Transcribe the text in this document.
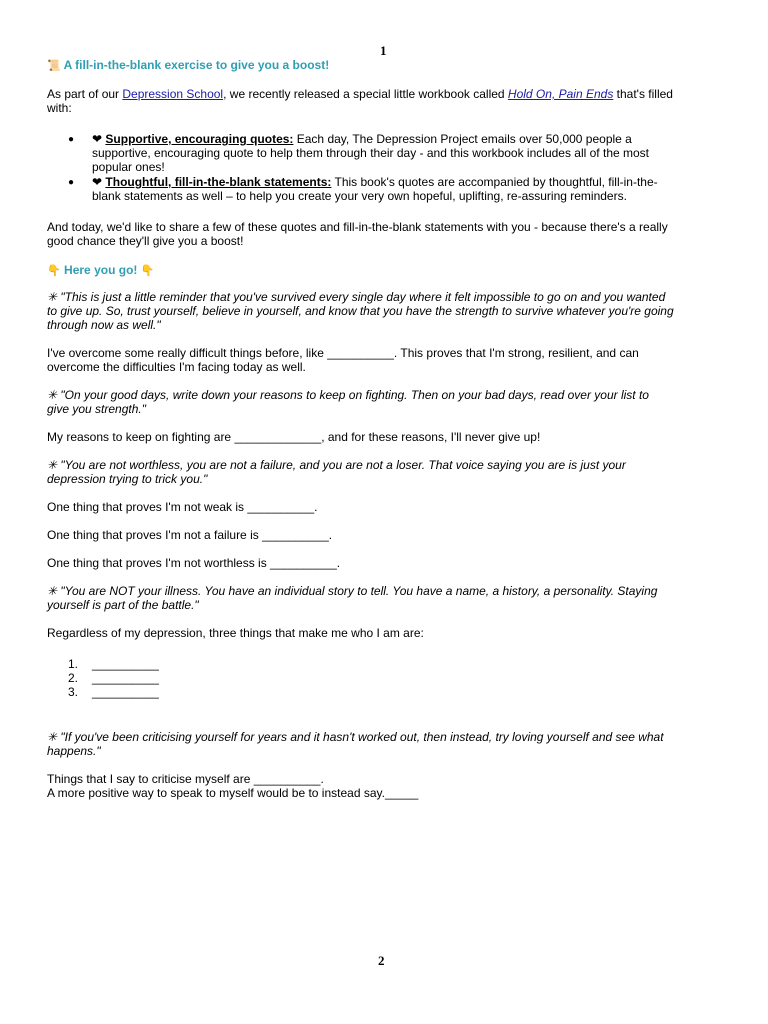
1
📜 A fill-in-the-blank exercise to give you a boost!
As part of our Depression School, we recently released a special little workbook called Hold On, Pain Ends that's filled
with:
● ❤ Supportive, encouraging quotes: Each day, The Depression Project emails over 50,000 people a
supportive, encouraging quote to help them through their day - and this workbook includes all of the most
popular ones!
● ❤ Thoughtful, fill-in-the-blank statements: This book's quotes are accompanied by thoughtful, fill-in-the-
blank statements as well – to help you create your very own hopeful, uplifting, re-assuring reminders.
And today, we'd like to share a few of these quotes and fill-in-the-blank statements with you - because there's a really
good chance they'll give you a boost!
👇 Here you go! 👇
✳ "This is just a little reminder that you've survived every single day where it felt impossible to go on and you wanted
to give up. So, trust yourself, believe in yourself, and know that you have the strength to survive whatever you're going
through now as well."
I've overcome some really difficult things before, like __________. This proves that I'm strong, resilient, and can
overcome the difficulties I'm facing today as well.
✳ "On your good days, write down your reasons to keep on fighting. Then on your bad days, read over your list to
give you strength."
My reasons to keep on fighting are _____________, and for these reasons, I'll never give up!
✳ "You are not worthless, you are not a failure, and you are not a loser. That voice saying you are is just your
depression trying to trick you."
One thing that proves I'm not weak is __________.
One thing that proves I'm not a failure is __________.
One thing that proves I'm not worthless is __________.
✳ "You are NOT your illness. You have an individual story to tell. You have a name, a history, a personality. Staying
yourself is part of the battle."
Regardless of my depression, three things that make me who I am are:
1. __________
2. __________
3. __________
✳ "If you've been criticising yourself for years and it hasn't worked out, then instead, try loving yourself and see what
happens."
Things that I say to criticise myself are __________.
A more positive way to speak to myself would be to instead say._____
2
